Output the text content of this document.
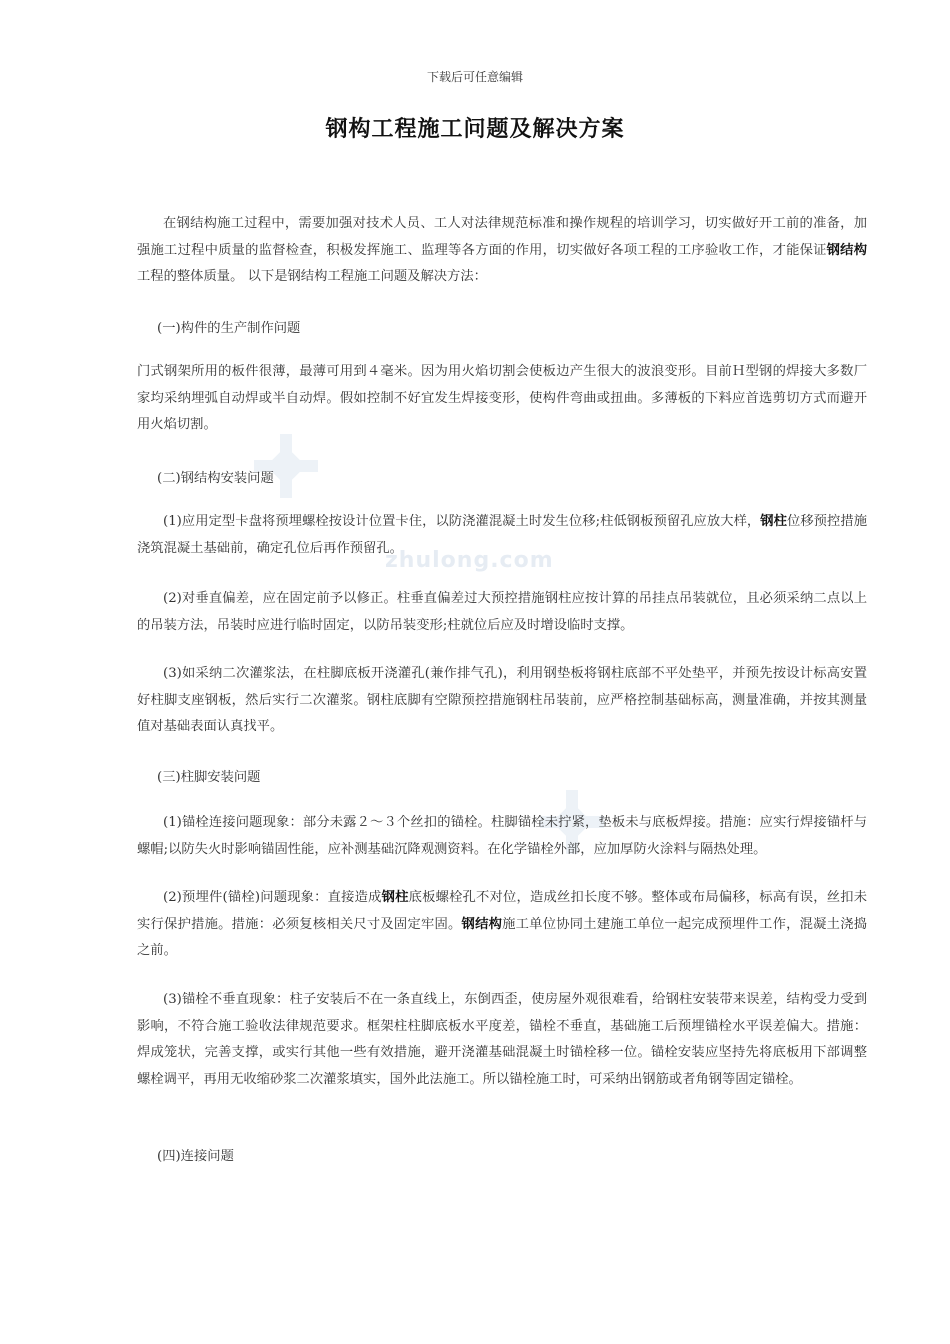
zhulong.com
下载后可任意编辑
钢构工程施工问题及解决方案

在钢结构施工过程中，需要加强对技术人员、工人对法律规范标准和操作规程的培训学习，切实做好开工前的准备，加强施工过程中质量的监督检查，积极发挥施工、监理等各方面的作用，切实做好各项工程的工序验收工作，才能保证钢结构工程的整体质量。 以下是钢结构工程施工问题及解决方法：

(一)构件的生产制作问题

门式钢架所用的板件很薄，最薄可用到４毫米。因为用火焰切割会使板边产生很大的波浪变形。目前Ｈ型钢的焊接大多数厂家均采纳埋弧自动焊或半自动焊。假如控制不好宜发生焊接变形，使构件弯曲或扭曲。多薄板的下料应首选剪切方式而避开用火焰切割。

(二)钢结构安装问题

(1)应用定型卡盘将预埋螺栓按设计位置卡住，以防浇灌混凝土时发生位移;柱低钢板预留孔应放大样，钢柱位移预控措施浇筑混凝土基础前，确定孔位后再作预留孔。

(2)对垂直偏差，应在固定前予以修正。柱垂直偏差过大预控措施钢柱应按计算的吊挂点吊装就位，且必须采纳二点以上的吊装方法，吊装时应进行临时固定，以防吊装变形;柱就位后应及时增设临时支撑。

(3)如采纳二次灌浆法，在柱脚底板开浇灌孔(兼作排气孔)，利用钢垫板将钢柱底部不平处垫平，并预先按设计标高安置好柱脚支座钢板，然后实行二次灌浆。钢柱底脚有空隙预控措施钢柱吊装前，应严格控制基础标高，测量准确，并按其测量值对基础表面认真找平。

(三)柱脚安装问题

(1)锚栓连接问题现象：部分未露２～３个丝扣的锚栓。柱脚锚栓未拧紧，垫板未与底板焊接。措施：应实行焊接锚杆与螺帽;以防失火时影响锚固性能，应补测基础沉降观测资料。在化学锚栓外部，应加厚防火涂料与隔热处理。

(2)预埋件(锚栓)问题现象：直接造成钢柱底板螺栓孔不对位，造成丝扣长度不够。整体或布局偏移，标高有误，丝扣未实行保护措施。措施：必须复核相关尺寸及固定牢固。钢结构施工单位协同土建施工单位一起完成预埋件工作，混凝土浇捣之前。

(3)锚栓不垂直现象：柱子安装后不在一条直线上，东倒西歪，使房屋外观很难看，给钢柱安装带来误差，结构受力受到影响，不符合施工验收法律规范要求。框架柱柱脚底板水平度差，锚栓不垂直，基础施工后预埋锚栓水平误差偏大。措施：焊成笼状，完善支撑，或实行其他一些有效措施，避开浇灌基础混凝土时锚栓移一位。锚栓安装应坚持先将底板用下部调整螺栓调平，再用无收缩砂浆二次灌浆填实，国外此法施工。所以锚栓施工时，可采纳出钢筋或者角钢等固定锚栓。

(四)连接问题
